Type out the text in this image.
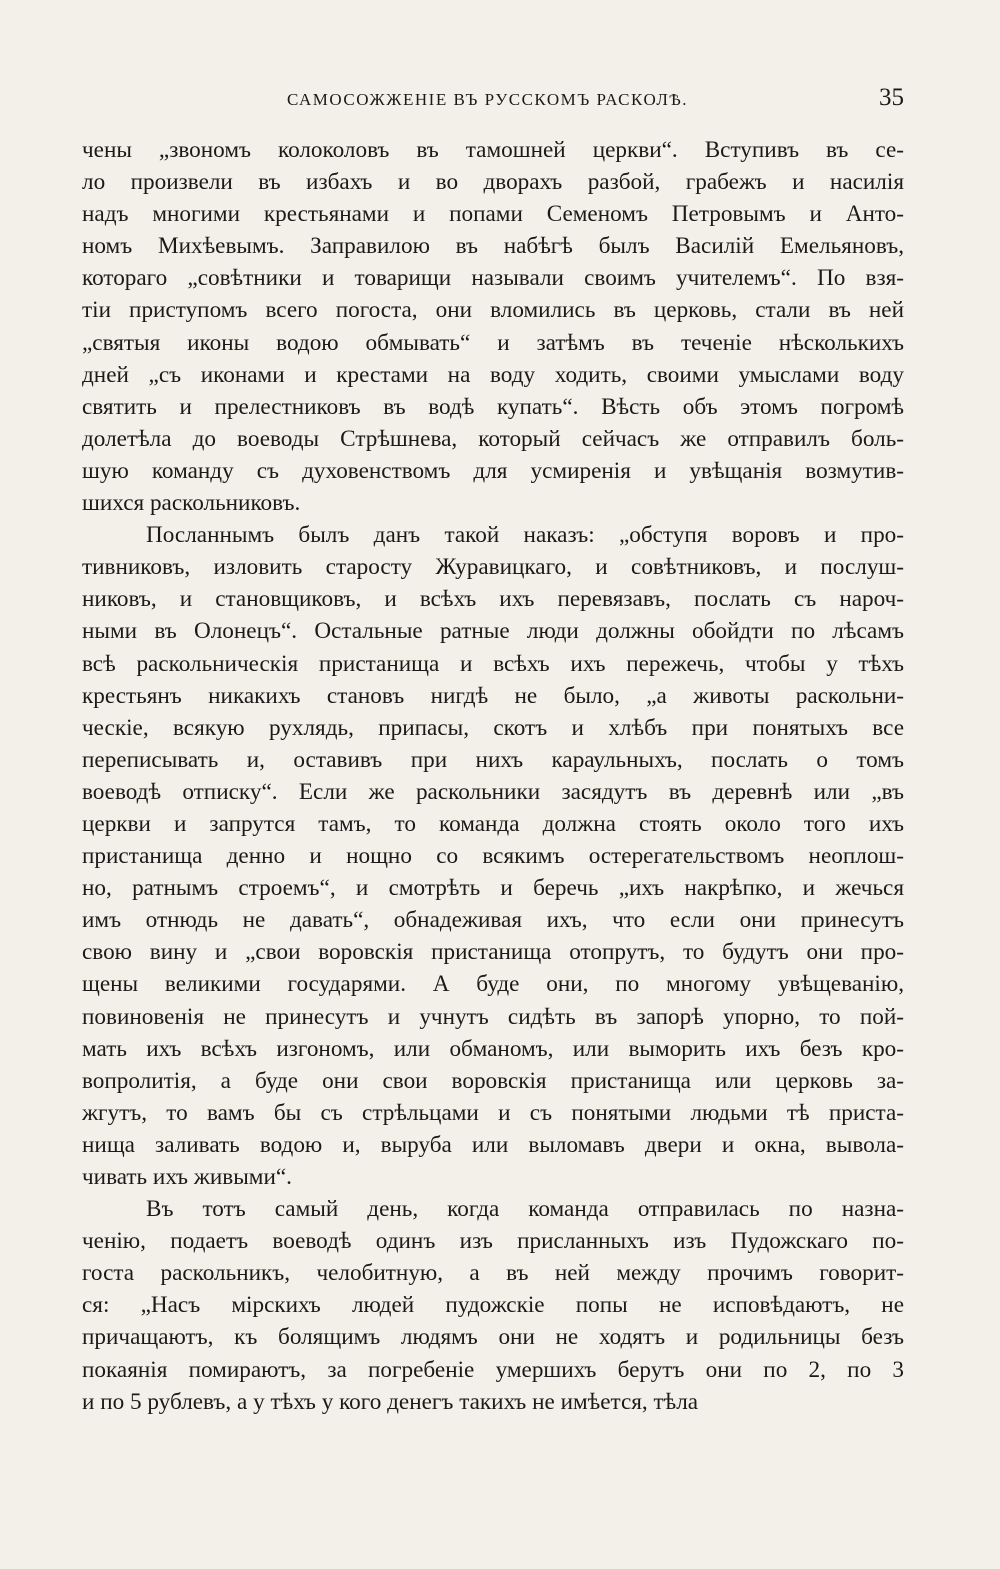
САМОСОЖЖЕНІЕ ВЪ РУССКОМЪ РАСКОЛѢ.	35
чены „звономъ колоколовъ въ тамошней церкви“. Вступивъ въ се-
ло произвели въ избахъ и во дворахъ разбой, грабежъ и насилія
надъ многими крестьянами и попами Семеномъ Петровымъ и Анто-
номъ Михѣевымъ. Заправилою въ набѣгѣ былъ Василій Емельяновъ,
котораго „совѣтники и товарищи называли своимъ учителемъ“. По взя-
тіи приступомъ всего погоста, они вломились въ церковь, стали въ ней
„святыя иконы водою обмывать“ и затѣмъ въ теченіе нѣсколькихъ
дней „съ иконами и крестами на воду ходить, своими умыслами воду
святить и прелестниковъ въ водѣ купать“. Вѣсть объ этомъ погромѣ
долетѣла до воеводы Стрѣшнева, который сейчасъ же отправилъ боль-
шую команду съ духовенствомъ для усмиренія и увѣщанія возмутив-
шихся раскольниковъ.
Посланнымъ былъ данъ такой наказъ: „обступя воровъ и про-
тивниковъ, изловить старосту Журавицкаго, и совѣтниковъ, и послуш-
никовъ, и становщиковъ, и всѣхъ ихъ перевязавъ, послать съ нароч-
ными въ Олонецъ“. Остальные ратные люди должны обойдти по лѣсамъ
всѣ раскольническія пристанища и всѣхъ ихъ пережечь, чтобы у тѣхъ
крестьянъ никакихъ становъ нигдѣ не было, „а животы раскольни-
ческіе, всякую рухлядь, припасы, скотъ и хлѣбъ при понятыхъ все
переписывать и, оставивъ при нихъ караульныхъ, послать о томъ
воеводѣ отписку“. Если же раскольники засядутъ въ деревнѣ или „въ
церкви и запрутся тамъ, то команда должна стоять около того ихъ
пристанища денно и нощно со всякимъ остерегательствомъ неоплош-
но, ратнымъ строемъ“, и смотрѣть и беречь „ихъ накрѣпко, и жечься
имъ отнюдь не давать“, обнадеживая ихъ, что если они принесутъ
свою вину и „свои воровскія пристанища отопрутъ, то будутъ они про-
щены великими государями. А буде они, по многому увѣщеванію,
повиновенія не принесутъ и учнутъ сидѣть въ запорѣ упорно, то пой-
мать ихъ всѣхъ изгономъ, или обманомъ, или выморить ихъ безъ кро-
вопролитія, а буде они свои воровскія пристанища или церковь за-
жгутъ, то вамъ бы съ стрѣльцами и съ понятыми людьми тѣ приста-
нища заливать водою и, выруба или выломавъ двери и окна, выволa-
чивать ихъ живыми“.
Въ тотъ самый день, когда команда отправилась по назна-
ченію, подаетъ воеводѣ одинъ изъ присланныхъ изъ Пудожскаго по-
госта раскольникъ, челобитную, а въ ней между прочимъ говорит-
ся: „Насъ мірскихъ людей пудожскіе попы не исповѣдаютъ, не
причащаютъ, къ болящимъ людямъ они не ходятъ и родильницы безъ
покаянія помираютъ, за погребеніе умершихъ берутъ они по 2, по 3
и по 5 рублевъ, а у тѣхъ у кого денегъ такихъ не имѣется, тѣла
